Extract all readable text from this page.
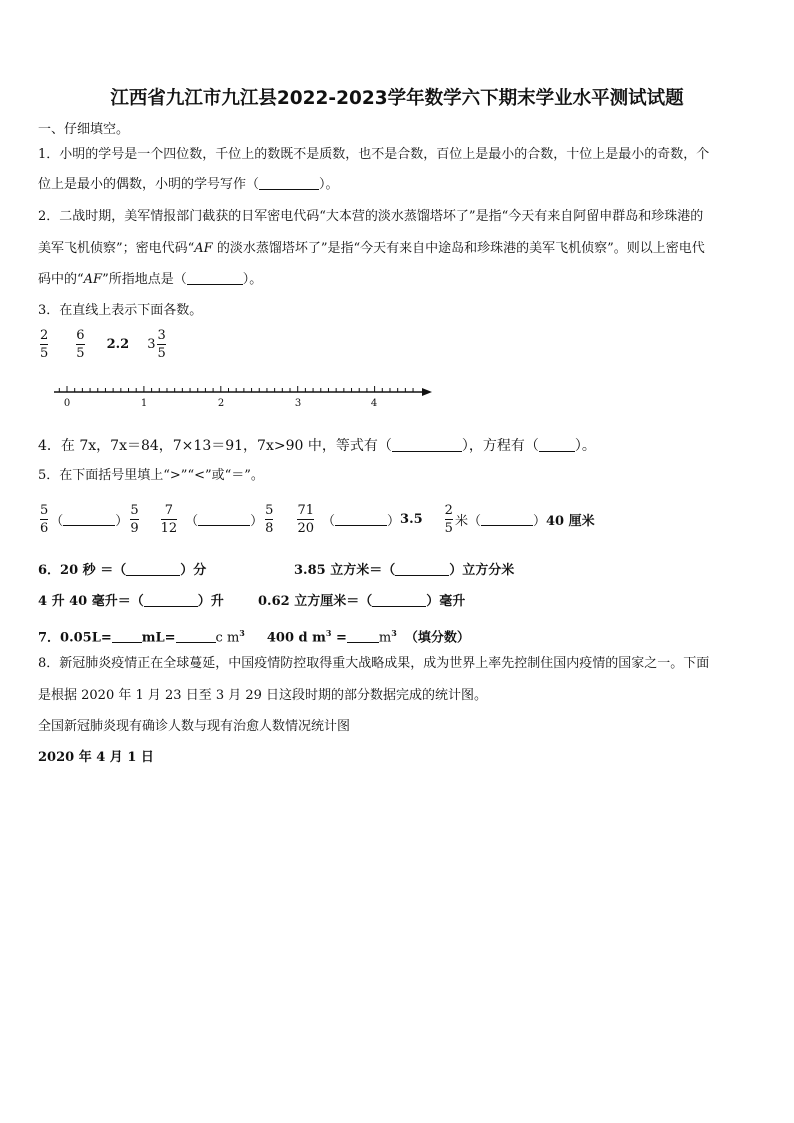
江西省九江市九江县2022-2023学年数学六下期末学业水平测试试题
一、仔细填空。
1．小明的学号是一个四位数，千位上的数既不是质数，也不是合数，百位上是最小的合数，十位上是最小的奇数，个
位上是最小的偶数，小明的学号写作（	）。
2．二战时期，美军情报部门截获的日军密电代码“大本营的淡水蒸馏塔坏了”是指“今天有来自阿留申群岛和珍珠港的
美军飞机侦察”；密电代码“AF 的淡水蒸馏塔坏了”是指“今天有来自中途岛和珍珠港的美军飞机侦察”。则以上密电代
码中的“AF”所指地点是（	）。
3．在直线上表示下面各数。
$\frac{2}{5} \frac{6}{5} 2.2$ $3 \frac{3}{5}$
0	1	2	3	4
4．在 7x，7x＝84，7×13＝91，7x>90 中，等式有（	），方程有（	）。
5．在下面括号里填上“>”“<”或“＝”。
$\frac{5}{6}$ （	） $\frac{5}{9} \frac{7}{12}$ （	） $\frac{5}{8} \frac{71}{20}$ （	） $3.5 \frac{2}{5}$ 米 （	） 40 厘米
6．20 秒 ＝（	）分	3.85 立方米＝（	）立方分米
4 升 40 毫升＝（	）升	0.62 立方厘米＝（	）毫升
7．0.05L= mL=	c $m^3$ 400 d $m^3 = m^3$ （填分数）
8．新冠肺炎疫情正在全球蔓延，中国疫情防控取得重大战略成果，成为世界上率先控制住国内疫情的国家之一。下面
是根据 2020 年 1 月 23 日至 3 月 29 日这段时期的部分数据完成的统计图。
全国新冠肺炎现有确诊人数与现有治愈人数情况统计图
2020 年 4 月 1 日
